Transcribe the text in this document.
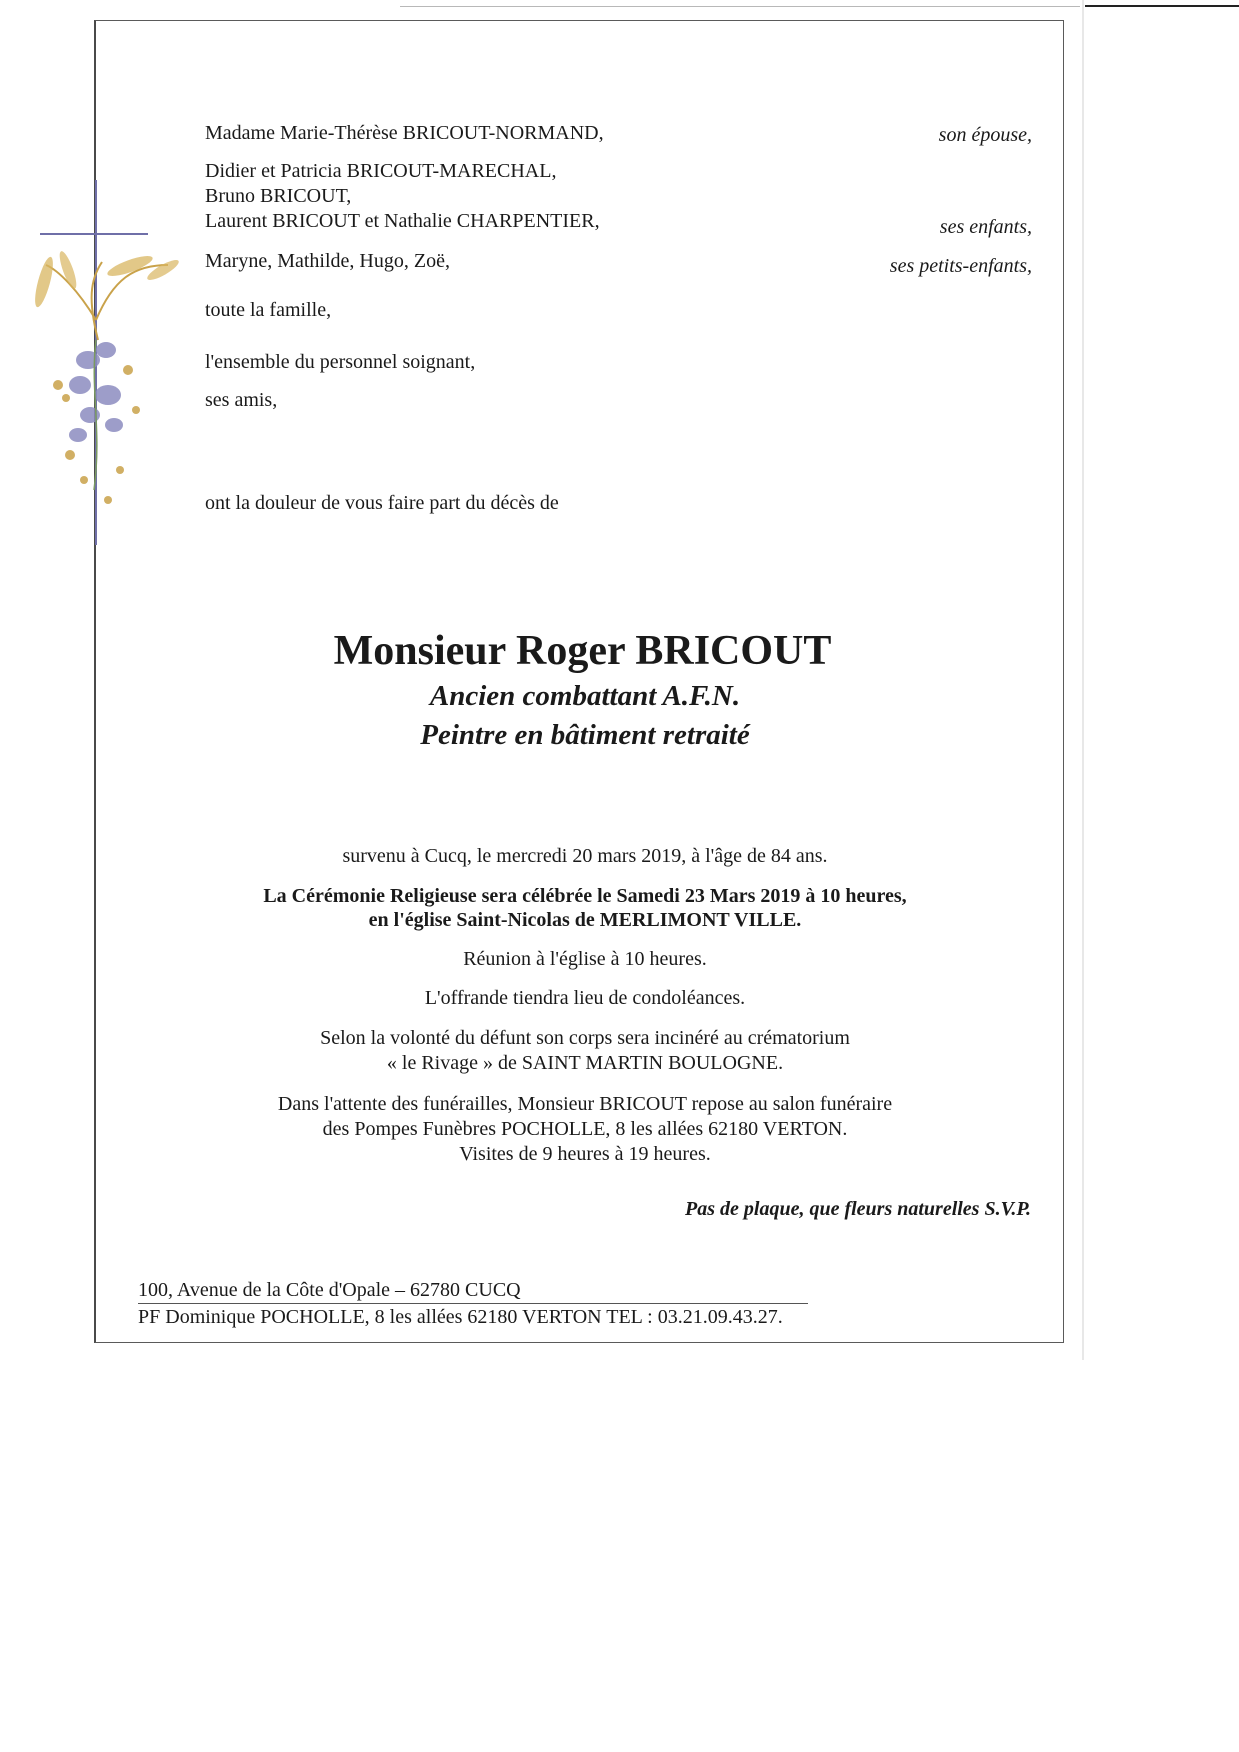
Madame Marie-Thérèse BRICOUT-NORMAND,	son épouse,
Didier et Patricia BRICOUT-MARECHAL,
Bruno BRICOUT,
Laurent BRICOUT et Nathalie CHARPENTIER,	ses enfants,
Maryne, Mathilde, Hugo, Zoë,	ses petits-enfants,
toute la famille,
l'ensemble du personnel soignant,
ses amis,
ont la douleur de vous faire part du décès de
Monsieur Roger BRICOUT
Ancien combattant A.F.N.
Peintre en bâtiment retraité
survenu à Cucq, le mercredi 20 mars 2019, à l'âge de 84 ans.
La Cérémonie Religieuse sera célébrée le Samedi 23 Mars 2019 à 10 heures,
en l'église Saint-Nicolas de MERLIMONT VILLE.
Réunion à l'église à 10 heures.
L'offrande tiendra lieu de condoléances.
Selon la volonté du défunt son corps sera incinéré au crématorium
« le Rivage » de SAINT MARTIN BOULOGNE.
Dans l'attente des funérailles, Monsieur BRICOUT repose au salon funéraire
des Pompes Funèbres POCHOLLE, 8 les allées 62180 VERTON.
Visites de 9 heures à 19 heures.
Pas de plaque, que fleurs naturelles S.V.P.
100, Avenue de la Côte d'Opale – 62780 CUCQ
PF Dominique POCHOLLE, 8 les allées 62180 VERTON TEL : 03.21.09.43.27.
